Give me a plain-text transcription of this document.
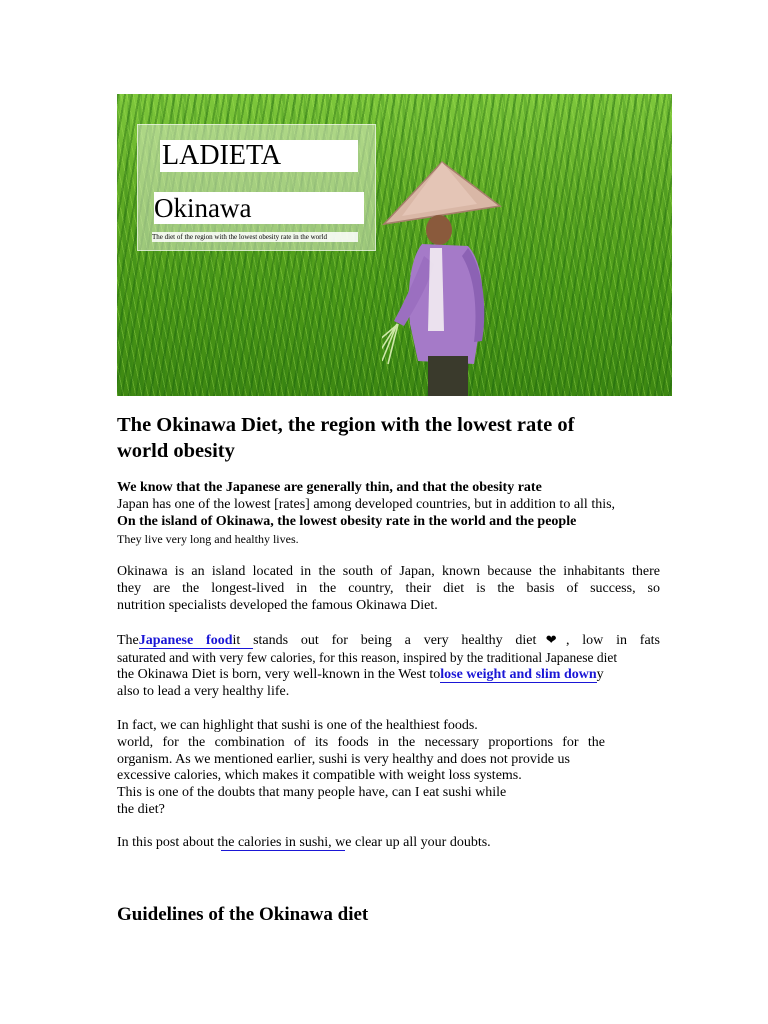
LADIETA
Okinawa
The diet of the region with the lowest obesity rate in the world
The Okinawa Diet, the region with the lowest rate of
world obesity
We know that the Japanese are generally thin, and that the obesity rate
Japan has one of the lowest [rates] among developed countries, but in addition to all this,
On the island of Okinawa, the lowest obesity rate in the world and the people
They live very long and healthy lives.
Okinawa is an island located in the south of Japan, known because the inhabitants there
they are the longest-lived in the country, their diet is the basis of success, so
nutrition specialists developed the famous Okinawa Diet.
TheJapanese foodit stands out for being a very healthy diet❤, low in fats
saturated and with very few calories, for this reason, inspired by the traditional Japanese diet
the Okinawa Diet is born, very well-known in the West tolose weight and slim downy
also to lead a very healthy life.
In fact, we can highlight that sushi is one of the healthiest foods.
world, for the combination of its foods in the necessary proportions for the
organism. As we mentioned earlier, sushi is very healthy and does not provide us
excessive calories, which makes it compatible with weight loss systems.
This is one of the doubts that many people have, can I eat sushi while
the diet?
In this post about the calories in sushi, we clear up all your doubts.
Guidelines of the Okinawa diet
